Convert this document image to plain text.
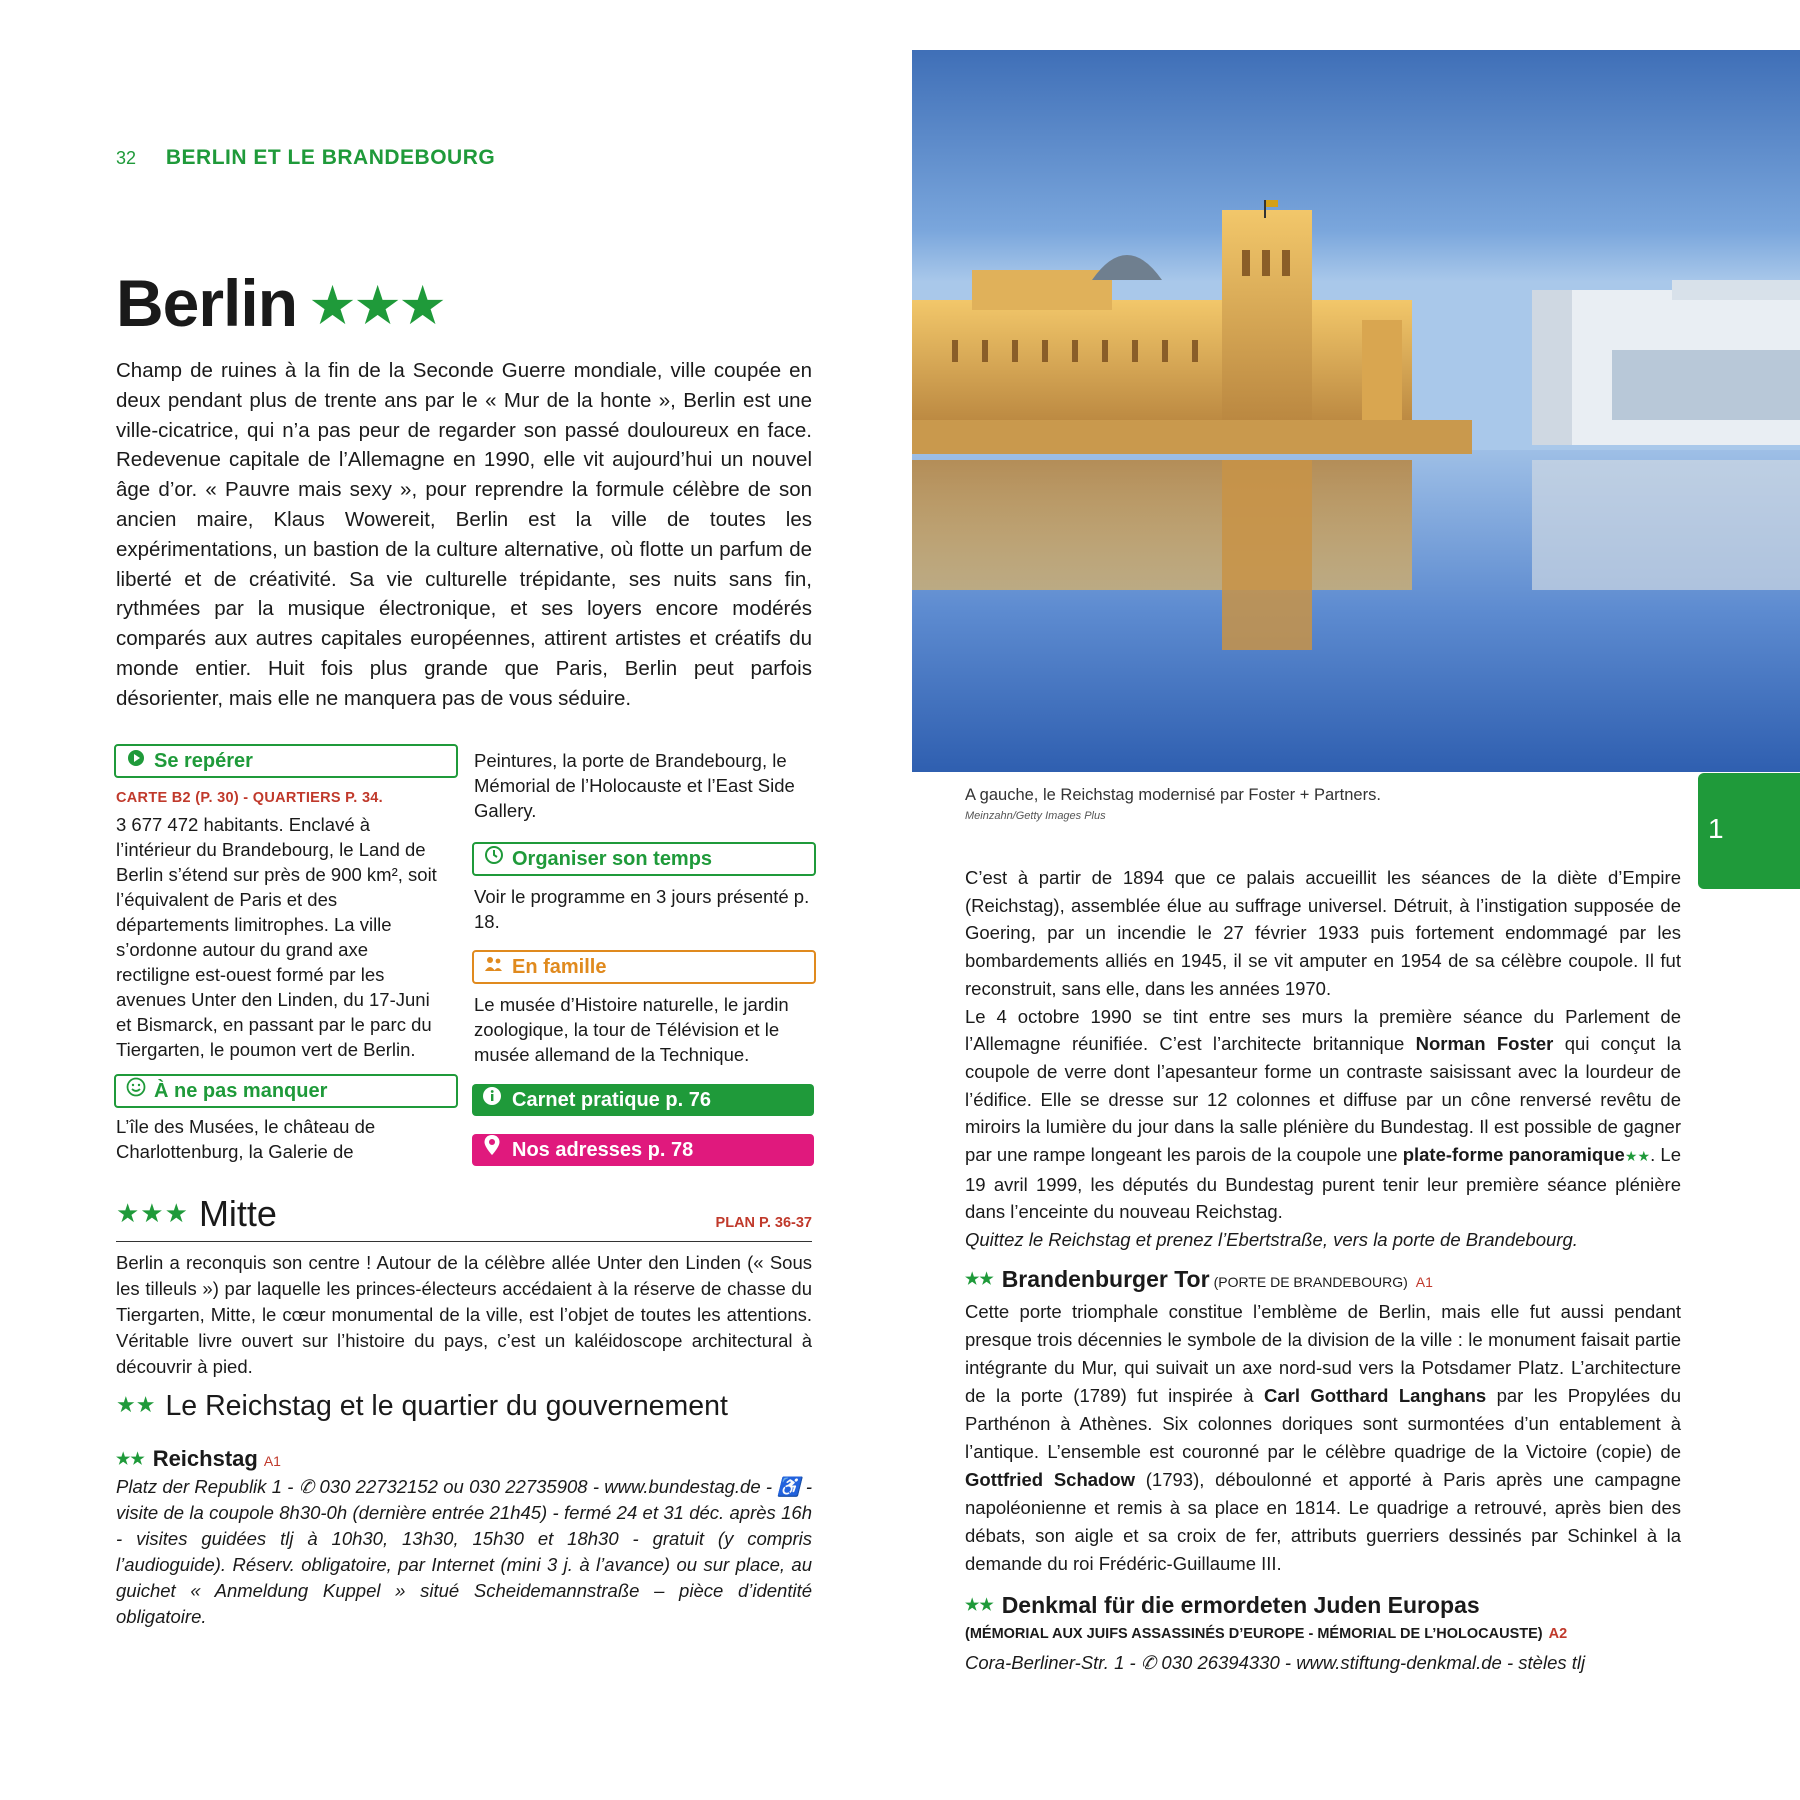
32 BERLIN ET LE BRANDEBOURG
Berlin ★★★
Champ de ruines à la fin de la Seconde Guerre mondiale, ville coupée en deux pendant plus de trente ans par le « Mur de la honte », Berlin est une ville-cicatrice, qui n’a pas peur de regarder son passé douloureux en face. Redevenue capitale de l’Allemagne en 1990, elle vit aujourd’hui un nouvel âge d’or. « Pauvre mais sexy », pour reprendre la formule célèbre de son ancien maire, Klaus Wowereit, Berlin est la ville de toutes les expérimentations, un bastion de la culture alternative, où flotte un parfum de liberté et de créativité. Sa vie culturelle trépidante, ses nuits sans fin, rythmées par la musique électronique, et ses loyers encore modérés comparés aux autres capitales européennes, attirent artistes et créatifs du monde entier. Huit fois plus grande que Paris, Berlin peut parfois désorienter, mais elle ne manquera pas de vous séduire.
Se repérer
CARTE B2 (P. 30) - QUARTIERS P. 34.
3 677 472 habitants. Enclavé à l’intérieur du Brandebourg, le Land de Berlin s’étend sur près de 900 km², soit l’équivalent de Paris et des départements limitrophes. La ville s’ordonne autour du grand axe rectiligne est-ouest formé par les avenues Unter den Linden, du 17-Juni et Bismarck, en passant par le parc du Tiergarten, le poumon vert de Berlin.
À ne pas manquer
L’île des Musées, le château de Charlottenburg, la Galerie de
Peintures, la porte de Brandebourg, le Mémorial de l’Holocauste et l’East Side Gallery.
Organiser son temps
Voir le programme en 3 jours présenté p. 18.
En famille
Le musée d’Histoire naturelle, le jardin zoologique, la tour de Télévision et le musée allemand de la Technique.
Carnet pratique p. 76
Nos adresses p. 78
★★★ Mitte	PLAN P. 36-37
Berlin a reconquis son centre ! Autour de la célèbre allée Unter den Linden (« Sous les tilleuls ») par laquelle les princes-électeurs accédaient à la réserve de chasse du Tiergarten, Mitte, le cœur monumental de la ville, est l’objet de toutes les attentions. Véritable livre ouvert sur l’histoire du pays, c’est un kaléidoscope architectural à découvrir à pied.
★★ Le Reichstag et le quartier du gouvernement
★★ Reichstag A1
Platz der Republik 1 - ✆ 030 22732152 ou 030 22735908 - www.bundestag.de - ♿ - visite de la coupole 8h30-0h (dernière entrée 21h45) - fermé 24 et 31 déc. après 16h - visites guidées tlj à 10h30, 13h30, 15h30 et 18h30 - gratuit (y compris l’audioguide). Réserv. obligatoire, par Internet (mini 3 j. à l’avance) ou sur place, au guichet « Anmeldung Kuppel » situé Scheidemannstraße – pièce d’identité obligatoire.
A gauche, le Reichstag modernisé par Foster + Partners.
Meinzahn/Getty Images Plus	1
C’est à partir de 1894 que ce palais accueillit les séances de la diète d’Empire (Reichstag), assemblée élue au suffrage universel. Détruit, à l’instigation supposée de Goering, par un incendie le 27 février 1933 puis fortement endommagé par les bombardements alliés en 1945, il se vit amputer en 1954 de sa célèbre coupole. Il fut reconstruit, sans elle, dans les années 1970.
Le 4 octobre 1990 se tint entre ses murs la première séance du Parlement de l’Allemagne réunifiée. C’est l’architecte britannique Norman Foster qui conçut la coupole de verre dont l’apesanteur forme un contraste saisissant avec la lourdeur de l’édifice. Elle se dresse sur 12 colonnes et diffuse par un cône renversé revêtu de miroirs la lumière du jour dans la salle plénière du Bundestag. Il est possible de gagner par une rampe longeant les parois de la coupole une plate-forme panoramique★★. Le 19 avril 1999, les députés du Bundestag purent tenir leur première séance plénière dans l’enceinte du nouveau Reichstag.
Quittez le Reichstag et prenez l’Ebertstraße, vers la porte de Brandebourg.
★★ Brandenburger Tor (PORTE DE BRANDEBOURG) A1
Cette porte triomphale constitue l’emblème de Berlin, mais elle fut aussi pendant presque trois décennies le symbole de la division de la ville : le monument faisait partie intégrante du Mur, qui suivait un axe nord-sud vers la Potsdamer Platz. L’architecture de la porte (1789) fut inspirée à Carl Gotthard Langhans par les Propylées du Parthénon à Athènes. Six colonnes doriques sont surmontées d’un entablement à l’antique. L’ensemble est couronné par le célèbre quadrige de la Victoire (copie) de Gottfried Schadow (1793), déboulonné et apporté à Paris après une campagne napoléonienne et remis à sa place en 1814. Le quadrige a retrouvé, après bien des débats, son aigle et sa croix de fer, attributs guerriers dessinés par Schinkel à la demande du roi Frédéric-Guillaume III.
★★ Denkmal für die ermordeten Juden Europas
(MÉMORIAL AUX JUIFS ASSASSINÉS D’EUROPE - MÉMORIAL DE L’HOLOCAUSTE) A2
Cora-Berliner-Str. 1 - ✆ 030 26394330 - www.stiftung-denkmal.de - stèles tlj
